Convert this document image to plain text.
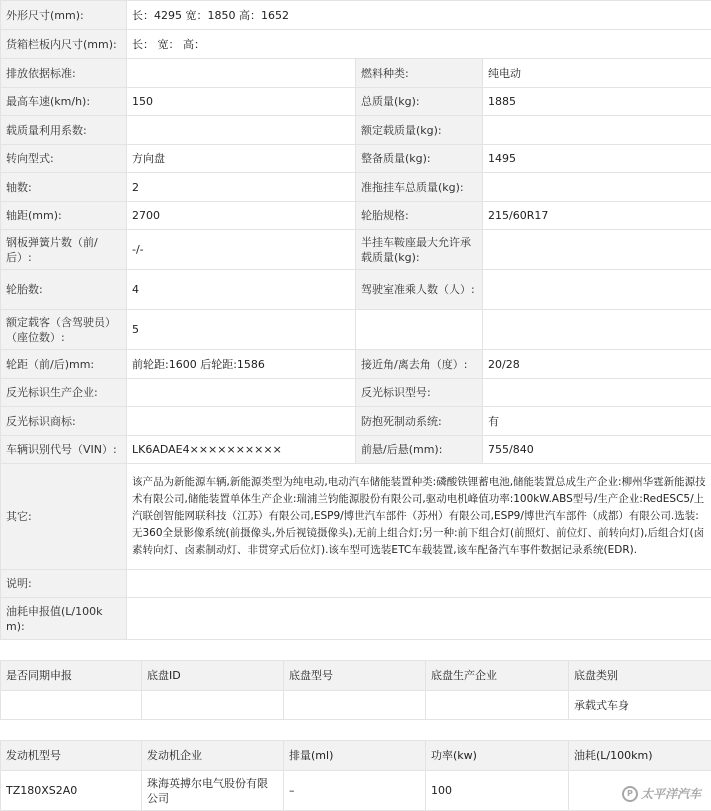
外形尺寸(mm):	长：4295 宽：1850 高：1652		
货箱栏板内尺寸(mm):	长： 宽： 高：		
排放依据标准:		燃料种类:	纯电动
最高车速(km/h):	150	总质量(kg):	1885
载质量利用系数:		额定载质量(kg):	
转向型式:	方向盘	整备质量(kg):	1495
轴数:	2	准拖挂车总质量(kg):	
轴距(mm):	2700	轮胎规格:	215/60R17
钢板弹簧片数（前/后）:	-/-	半挂车鞍座最大允许承载质量(kg):	
轮胎数:	4	驾驶室准乘人数（人）:	
额定载客（含驾驶员）（座位数）:	5		
轮距（前/后)mm:	前轮距:1600 后轮距:1586	接近角/离去角（度）:	20/28
反光标识生产企业:		反光标识型号:	
反光标识商标:		防抱死制动系统:	有
车辆识别代号（VIN）:	LK6ADAE4××××××××××	前悬/后悬(mm):	755/840
其它:	该产品为新能源车辆,新能源类型为纯电动,电动汽车储能装置种类:磷酸铁锂蓄电池,储能装置总成生产企业:柳州华霆新能源技术有限公司,储能装置单体生产企业:瑞浦兰钧能源股份有限公司,驱动电机峰值功率:100kW.ABS型号/生产企业:RedESC5/上汽联创智能网联科技（江苏）有限公司,ESP9/博世汽车部件（苏州）有限公司,ESP9/博世汽车部件（成都）有限公司.选装:无360全景影像系统(前摄像头,外后视镜摄像头),无前上组合灯;另一种:前下组合灯(前照灯、前位灯、前转向灯),后组合灯(卤素转向灯、卤素制动灯、非贯穿式后位灯).该车型可选装ETC车载装置,该车配备汽车事件数据记录系统(EDR).		
说明:			
油耗申报值(L/100km):			
是否同期申报	底盘ID	底盘型号	底盘生产企业	底盘类别
				承载式车身
发动机型号	发动机企业	排量(ml)	功率(kw)	油耗(L/100km)
TZ180XS2A0	珠海英搏尔电气股份有限公司	–	100		P 太平洋汽车
